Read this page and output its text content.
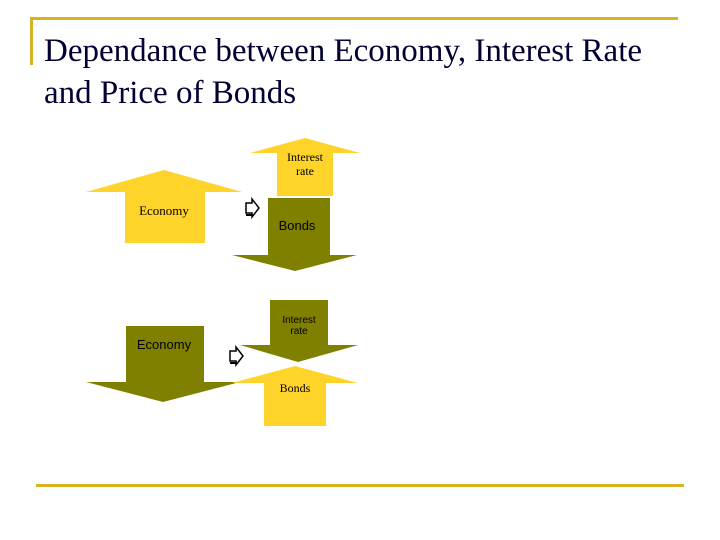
Dependance between Economy, Interest Rate and Price of Bonds
Economy
Interest
rate
Bonds
Economy
Interest
rate
Bonds
